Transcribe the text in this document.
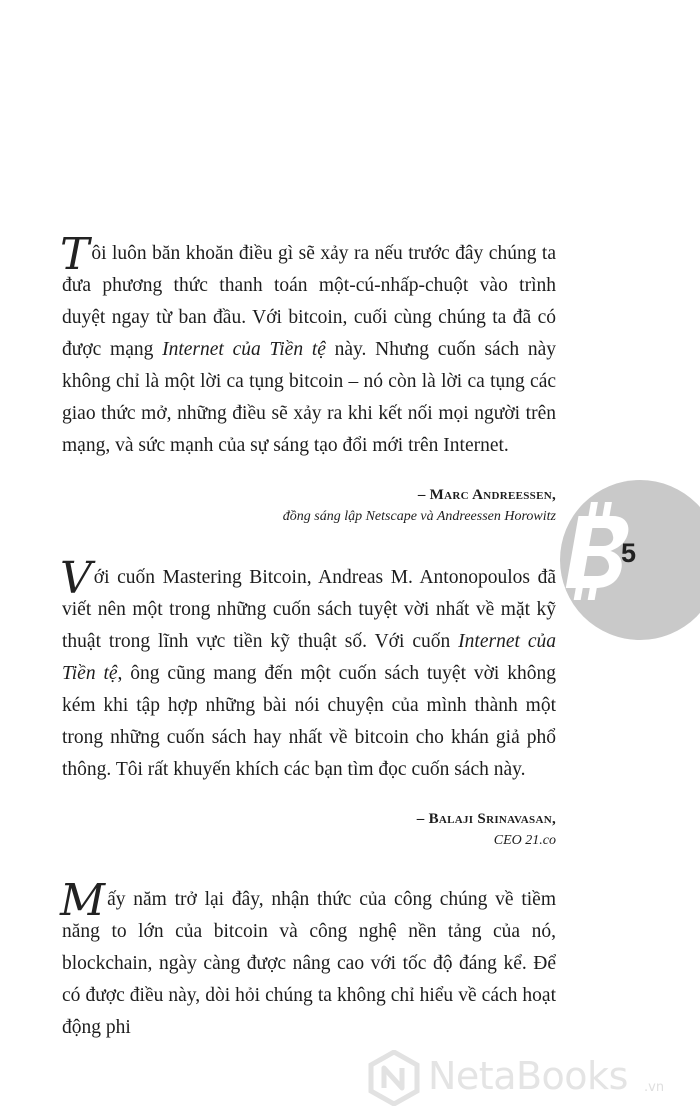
Tôi luôn băn khoăn điều gì sẽ xảy ra nếu trước đây chúng ta đưa phương thức thanh toán một-cú-nhấp-chuột vào trình duyệt ngay từ ban đầu. Với bitcoin, cuối cùng chúng ta đã có được mạng Internet của Tiền tệ này. Nhưng cuốn sách này không chỉ là một lời ca tụng bitcoin – nó còn là lời ca tụng các giao thức mở, những điều sẽ xảy ra khi kết nối mọi người trên mạng, và sức mạnh của sự sáng tạo đổi mới trên Internet.

– Marc Andreessen,
đồng sáng lập Netscape và Andreessen Horowitz

Với cuốn Mastering Bitcoin, Andreas M. Antonopoulos đã viết nên một trong những cuốn sách tuyệt vời nhất về mặt kỹ thuật trong lĩnh vực tiền kỹ thuật số. Với cuốn Internet của Tiền tệ, ông cũng mang đến một cuốn sách tuyệt vời không kém khi tập hợp những bài nói chuyện của mình thành một trong những cuốn sách hay nhất về bitcoin cho khán giả phổ thông. Tôi rất khuyến khích các bạn tìm đọc cuốn sách này.

– Balaji Srinavasan,
CEO 21.co

Mấy năm trở lại đây, nhận thức của công chúng về tiềm năng to lớn của bitcoin và công nghệ nền tảng của nó, blockchain, ngày càng được nâng cao với tốc độ đáng kể. Để có được điều này, dòi hỏi chúng ta không chỉ hiểu về cách hoạt động phi

5
NetaBooks .vn
